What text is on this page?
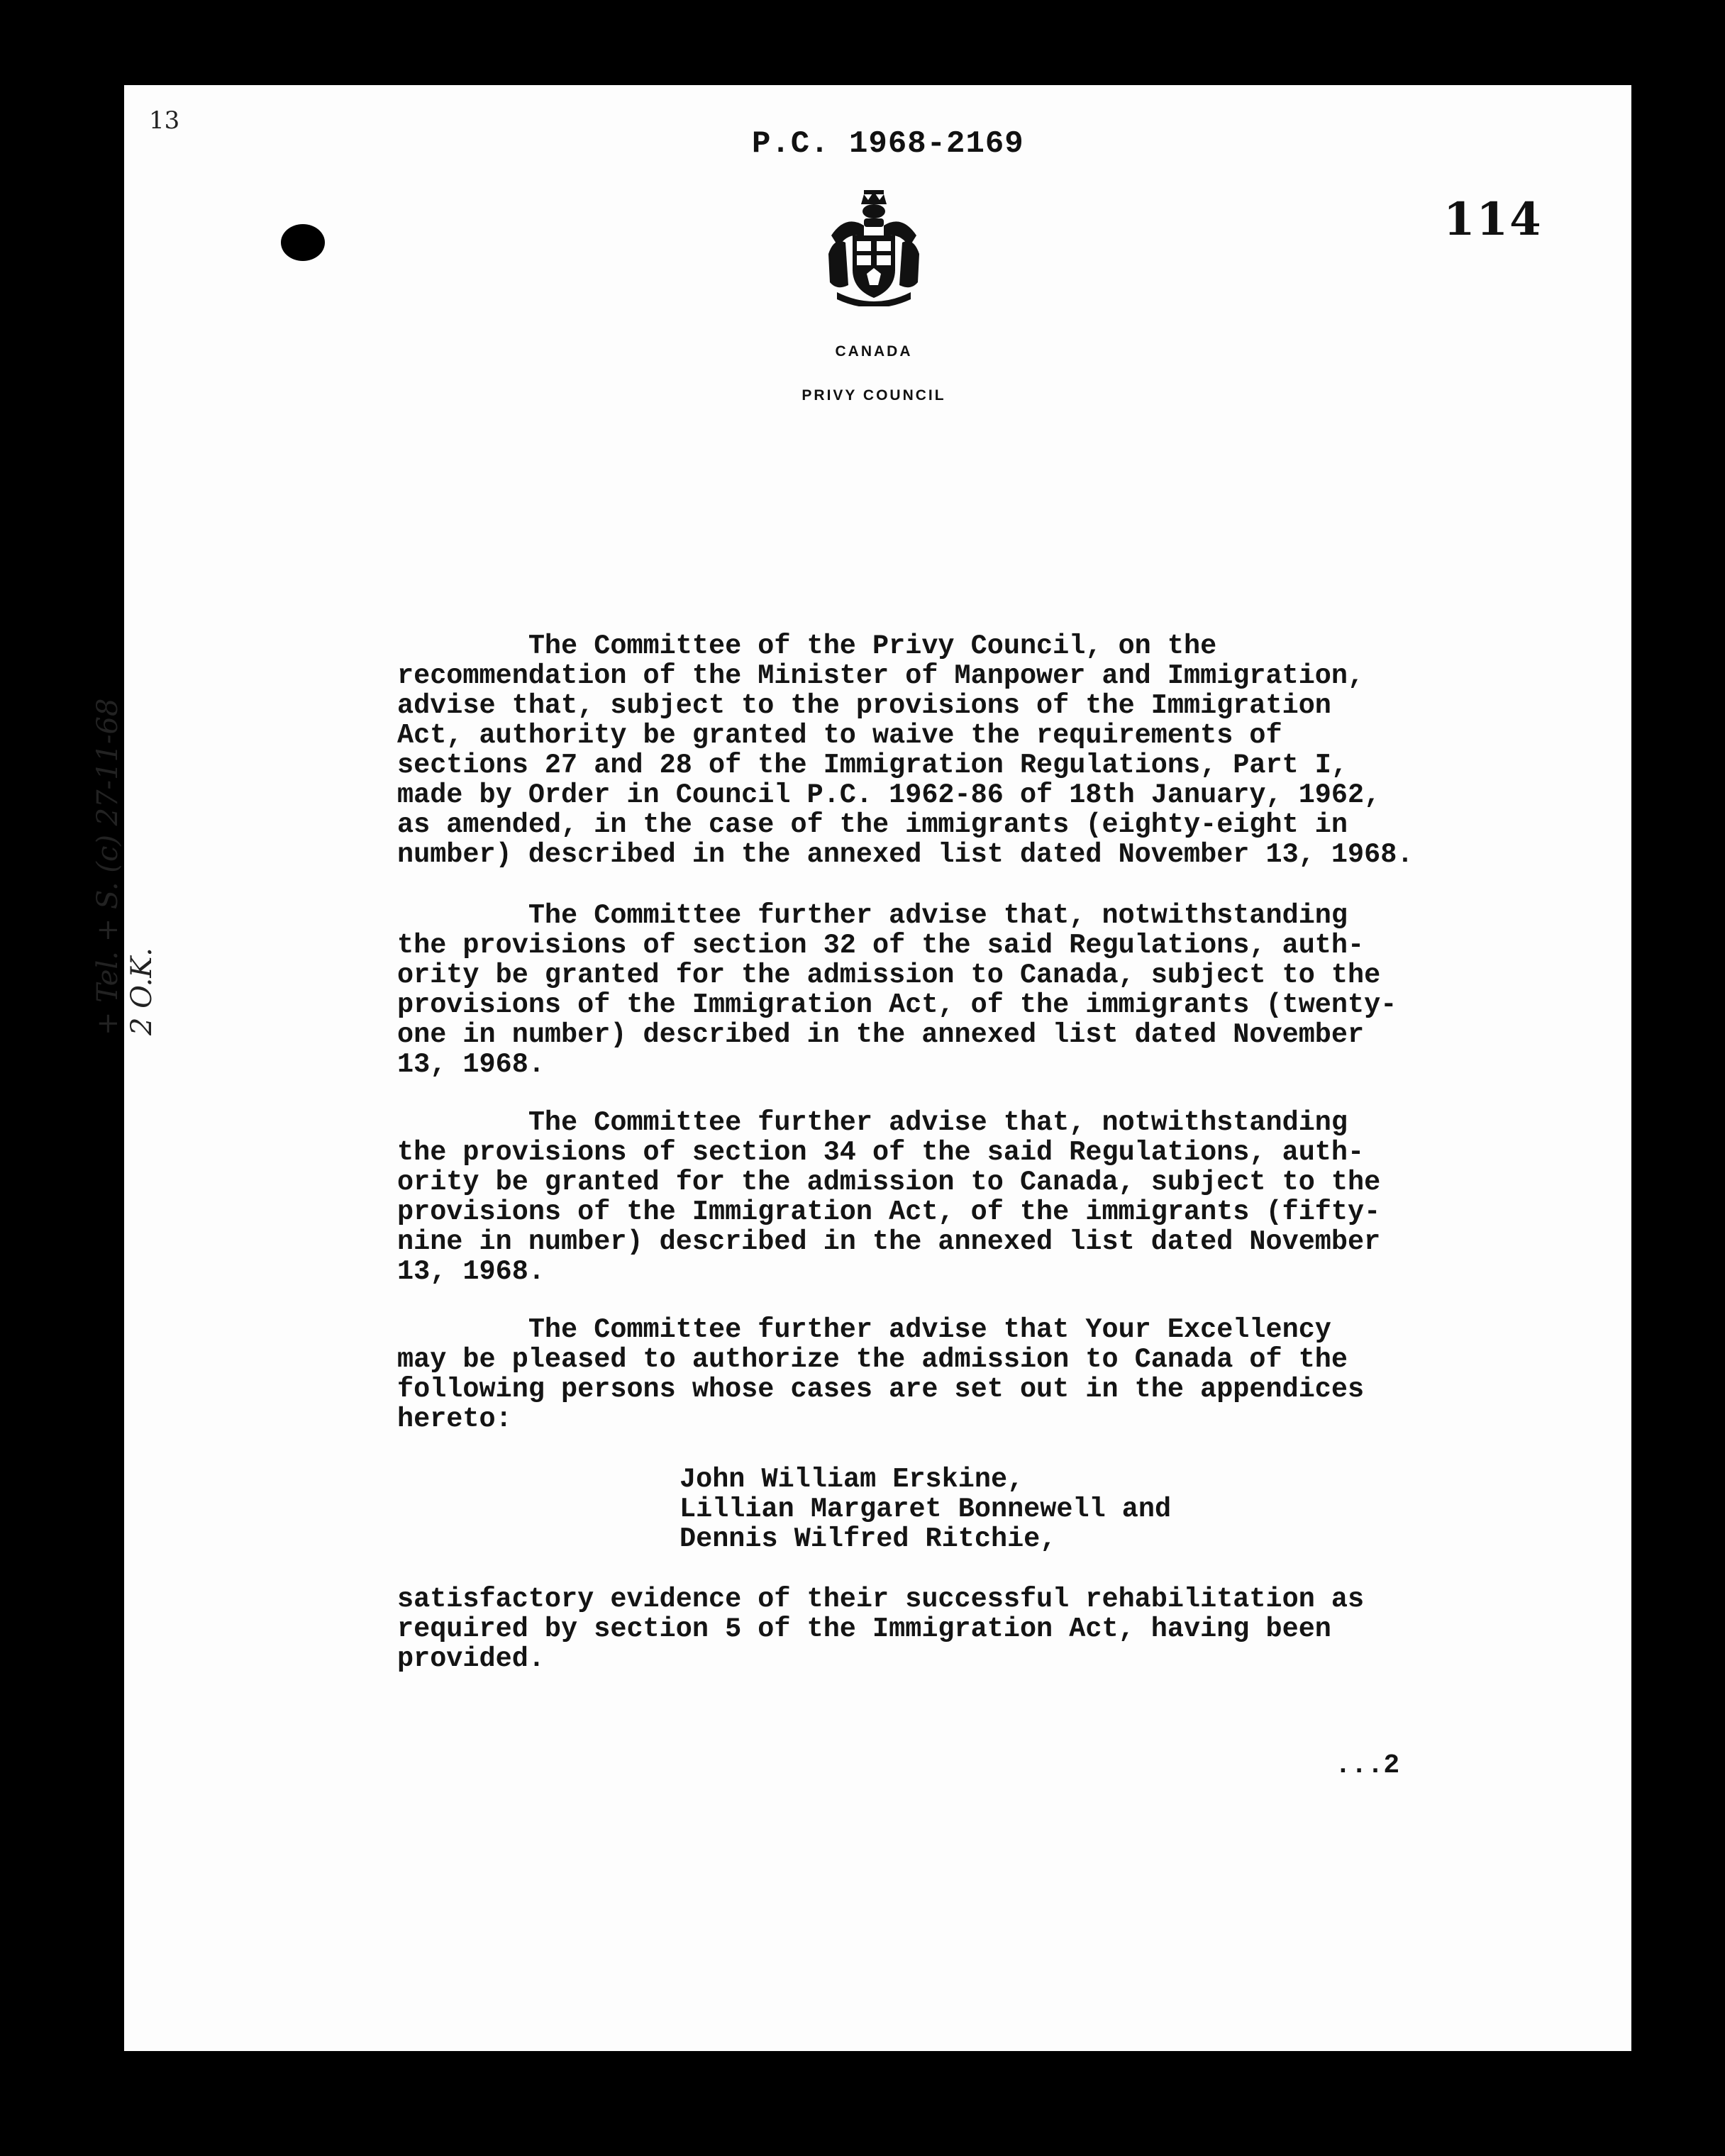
13
P.C. 1968-2169
114
CANADA
PRIVY COUNCIL
+ Tel. + S. (c) 27-11-68 2 O.K.
The Committee of the Privy Council, on the
recommendation of the Minister of Manpower and Immigration,
advise that, subject to the provisions of the Immigration
Act, authority be granted to waive the requirements of
sections 27 and 28 of the Immigration Regulations, Part I,
made by Order in Council P.C. 1962-86 of 18th January, 1962,
as amended, in the case of the immigrants (eighty-eight in
number) described in the annexed list dated November 13, 1968.
The Committee further advise that, notwithstanding
the provisions of section 32 of the said Regulations, auth-
ority be granted for the admission to Canada, subject to the
provisions of the Immigration Act, of the immigrants (twenty-
one in number) described in the annexed list dated November
13, 1968.
The Committee further advise that, notwithstanding
the provisions of section 34 of the said Regulations, auth-
ority be granted for the admission to Canada, subject to the
provisions of the Immigration Act, of the immigrants (fifty-
nine in number) described in the annexed list dated November
13, 1968.
The Committee further advise that Your Excellency
may be pleased to authorize the admission to Canada of the
following persons whose cases are set out in the appendices
hereto:
John William Erskine,
Lillian Margaret Bonnewell and
Dennis Wilfred Ritchie,
satisfactory evidence of their successful rehabilitation as
required by section 5 of the Immigration Act, having been
provided.
...2
